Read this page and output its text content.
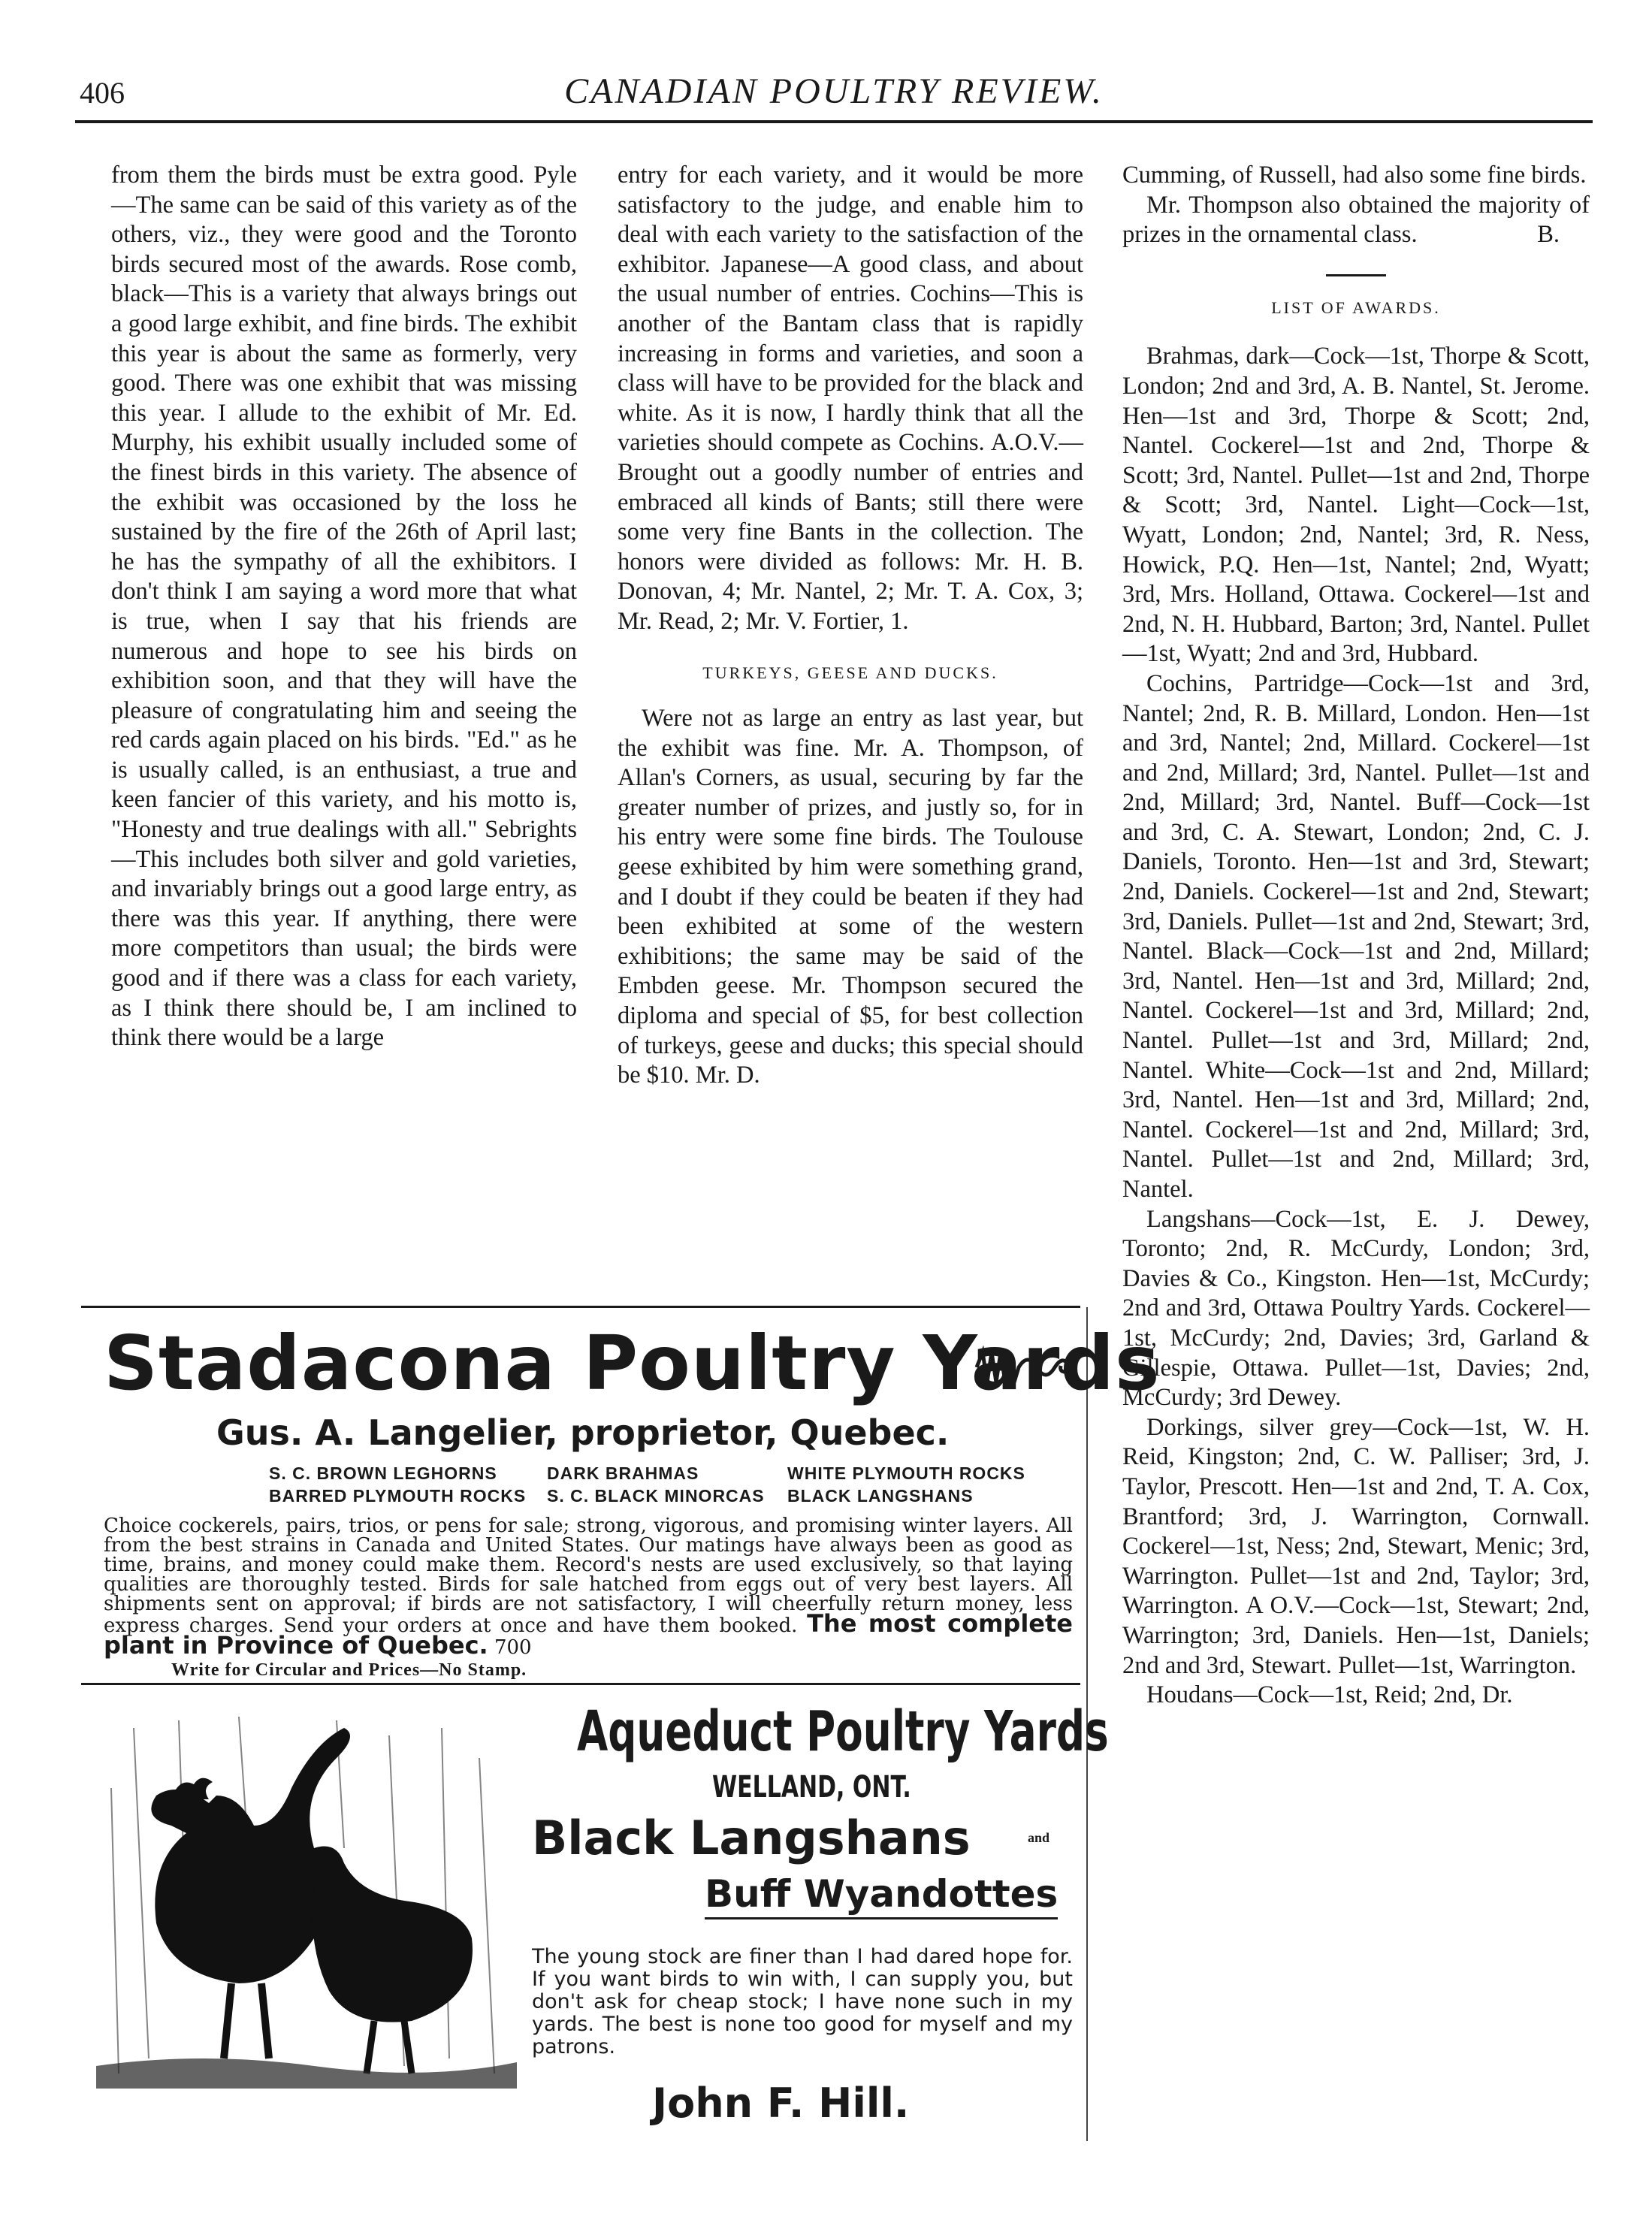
406	CANADIAN POULTRY REVIEW.

from them the birds must be extra good. Pyle—The same can be said of this variety as of the others, viz., they were good and the Toronto birds secured most of the awards. Rose comb, black—This is a variety that always brings out a good large exhibit, and fine birds. The exhibit this year is about the same as formerly, very good. There was one exhibit that was missing this year. I allude to the exhibit of Mr. Ed. Murphy, his exhibit usually included some of the finest birds in this variety. The absence of the exhibit was occasioned by the loss he sustained by the fire of the 26th of April last; he has the sympathy of all the exhibitors. I don't think I am saying a word more that what is true, when I say that his friends are numerous and hope to see his birds on exhibition soon, and that they will have the pleasure of congratulating him and seeing the red cards again placed on his birds. "Ed." as he is usually called, is an enthusiast, a true and keen fancier of this variety, and his motto is, "Honesty and true dealings with all." Sebrights—This includes both silver and gold varieties, and invariably brings out a good large entry, as there was this year. If anything, there were more competitors than usual; the birds were good and if there was a class for each variety, as I think there should be, I am inclined to think there would be a large

entry for each variety, and it would be more satisfactory to the judge, and enable him to deal with each variety to the satisfaction of the exhibitor. Japanese—A good class, and about the usual number of entries. Cochins—This is another of the Bantam class that is rapidly increasing in forms and varieties, and soon a class will have to be provided for the black and white. As it is now, I hardly think that all the varieties should compete as Cochins. A.O.V.—Brought out a goodly number of entries and embraced all kinds of Bants; still there were some very fine Bants in the collection. The honors were divided as follows: Mr. H. B. Donovan, 4; Mr. Nantel, 2; Mr. T. A. Cox, 3; Mr. Read, 2; Mr. V. Fortier, 1.

TURKEYS, GEESE AND DUCKS.

Were not as large an entry as last year, but the exhibit was fine. Mr. A. Thompson, of Allan's Corners, as usual, securing by far the greater number of prizes, and justly so, for in his entry were some fine birds. The Toulouse geese exhibited by him were something grand, and I doubt if they could be beaten if they had been exhibited at some of the western exhibitions; the same may be said of the Embden geese. Mr. Thompson secured the diploma and special of $5, for best collection of turkeys, geese and ducks; this special should be $10. Mr. D.

Cumming, of Russell, had also some fine birds.

Mr. Thompson also obtained the majority of prizes in the ornamental class.	B.

LIST OF AWARDS.

Brahmas, dark—Cock—1st, Thorpe & Scott, London; 2nd and 3rd, A. B. Nantel, St. Jerome. Hen—1st and 3rd, Thorpe & Scott; 2nd, Nantel. Cockerel—1st and 2nd, Thorpe & Scott; 3rd, Nantel. Pullet—1st and 2nd, Thorpe & Scott; 3rd, Nantel. Light—Cock—1st, Wyatt, London; 2nd, Nantel; 3rd, R. Ness, Howick, P.Q. Hen—1st, Nantel; 2nd, Wyatt; 3rd, Mrs. Holland, Ottawa. Cockerel—1st and 2nd, N. H. Hubbard, Barton; 3rd, Nantel. Pullet—1st, Wyatt; 2nd and 3rd, Hubbard.

Cochins, Partridge—Cock—1st and 3rd, Nantel; 2nd, R. B. Millard, London. Hen—1st and 3rd, Nantel; 2nd, Millard. Cockerel—1st and 2nd, Millard; 3rd, Nantel. Pullet—1st and 2nd, Millard; 3rd, Nantel. Buff—Cock—1st and 3rd, C. A. Stewart, London; 2nd, C. J. Daniels, Toronto. Hen—1st and 3rd, Stewart; 2nd, Daniels. Cockerel—1st and 2nd, Stewart; 3rd, Daniels. Pullet—1st and 2nd, Stewart; 3rd, Nantel. Black—Cock—1st and 2nd, Millard; 3rd, Nantel. Hen—1st and 3rd, Millard; 2nd, Nantel. Cockerel—1st and 3rd, Millard; 2nd, Nantel. Pullet—1st and 3rd, Millard; 2nd, Nantel. White—Cock—1st and 2nd, Millard; 3rd, Nantel. Hen—1st and 3rd, Millard; 2nd, Nantel. Cockerel—1st and 2nd, Millard; 3rd, Nantel. Pullet—1st and 2nd, Millard; 3rd, Nantel.

Langshans—Cock—1st, E. J. Dewey, Toronto; 2nd, R. McCurdy, London; 3rd, Davies & Co., Kingston. Hen—1st, McCurdy; 2nd and 3rd, Ottawa Poultry Yards. Cockerel—1st, McCurdy; 2nd, Davies; 3rd, Garland & Gillespie, Ottawa. Pullet—1st, Davies; 2nd, McCurdy; 3rd Dewey.

Dorkings, silver grey—Cock—1st, W. H. Reid, Kingston; 2nd, C. W. Palliser; 3rd, J. Taylor, Prescott. Hen—1st and 2nd, T. A. Cox, Brantford; 3rd, J. Warrington, Cornwall. Cockerel—1st, Ness; 2nd, Stewart, Menic; 3rd, Warrington. Pullet—1st and 2nd, Taylor; 3rd, Warrington. A O.V.—Cock—1st, Stewart; 2nd, Warrington; 3rd, Daniels. Hen—1st, Daniels; 2nd and 3rd, Stewart. Pullet—1st, Warrington.

Houdans—Cock—1st, Reid; 2nd, Dr.

Stadacona Poultry Yards
Gus. A. Langelier, proprietor, Quebec.
S. C. BROWN LEGHORNS	DARK BRAHMAS	WHITE PLYMOUTH ROCKS
BARRED PLYMOUTH ROCKS S. C. BLACK MINORCAS BLACK LANGSHANS
Choice cockerels, pairs, trios, or pens for sale; strong, vigorous, and promising winter layers. All from the best strains in Canada and United States. Our matings have always been as good as time, brains, and money could make them. Record's nests are used exclusively, so that laying qualities are thoroughly tested. Birds for sale hatched from eggs out of very best layers. All shipments sent on approval; if birds are not satisfactory, I will cheerfully return money, less express charges. Send your orders at once and have them booked. The most complete plant in Province of Quebec. 700
Write for Circular and Prices—No Stamp.
Aqueduct Poultry Yards
WELLAND, ONT.
Black Langshans	and
Buff Wyandottes
The young stock are finer than I had dared hope for. If you want birds to win with, I can supply you, but don't ask for cheap stock; I have none such in my yards. The best is none too good for myself and my patrons.
John F. Hill.
